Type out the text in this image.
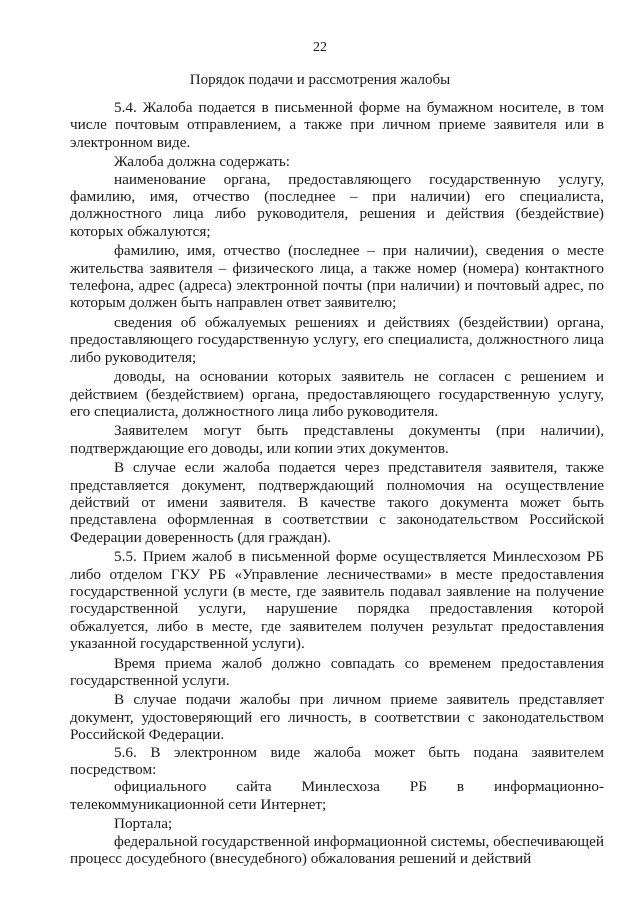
22
Порядок подачи и рассмотрения жалобы

5.4. Жалоба подается в письменной форме на бумажном носителе, в том числе почтовым отправлением, а также при личном приеме заявителя или в электронном виде.

Жалоба должна содержать:

наименование органа, предоставляющего государственную услугу, фамилию, имя, отчество (последнее – при наличии) его специалиста, должностного лица либо руководителя, решения и действия (бездействие) которых обжалуются;

фамилию, имя, отчество (последнее – при наличии), сведения о месте жительства заявителя – физического лица, а также номер (номера) контактного телефона, адрес (адреса) электронной почты (при наличии) и почтовый адрес, по которым должен быть направлен ответ заявителю;

сведения об обжалуемых решениях и действиях (бездействии) органа, предоставляющего государственную услугу, его специалиста, должностного лица либо руководителя;

доводы, на основании которых заявитель не согласен с решением и действием (бездействием) органа, предоставляющего государственную услугу, его специалиста, должностного лица либо руководителя.

Заявителем могут быть представлены документы (при наличии), подтверждающие его доводы, или копии этих документов.

В случае если жалоба подается через представителя заявителя, также представляется документ, подтверждающий полномочия на осуществление действий от имени заявителя. В качестве такого документа может быть представлена оформленная в соответствии с законодательством Российской Федерации доверенность (для граждан).

5.5. Прием жалоб в письменной форме осуществляется Минлесхозом РБ либо отделом ГКУ РБ «Управление лесничествами» в месте предоставления государственной услуги (в месте, где заявитель подавал заявление на получение государственной услуги, нарушение порядка предоставления которой обжалуется, либо в месте, где заявителем получен результат предоставления указанной государственной услуги).

Время приема жалоб должно совпадать со временем предоставления государственной услуги.

В случае подачи жалобы при личном приеме заявитель представляет документ, удостоверяющий его личность, в соответствии с законодательством Российской Федерации.

5.6. В электронном виде жалоба может быть подана заявителем посредством:

официального сайта Минлесхоза РБ в информационно-телекоммуникационной сети Интернет;

Портала;

федеральной государственной информационной системы, обеспечивающей процесс досудебного (внесудебного) обжалования решений и действий
